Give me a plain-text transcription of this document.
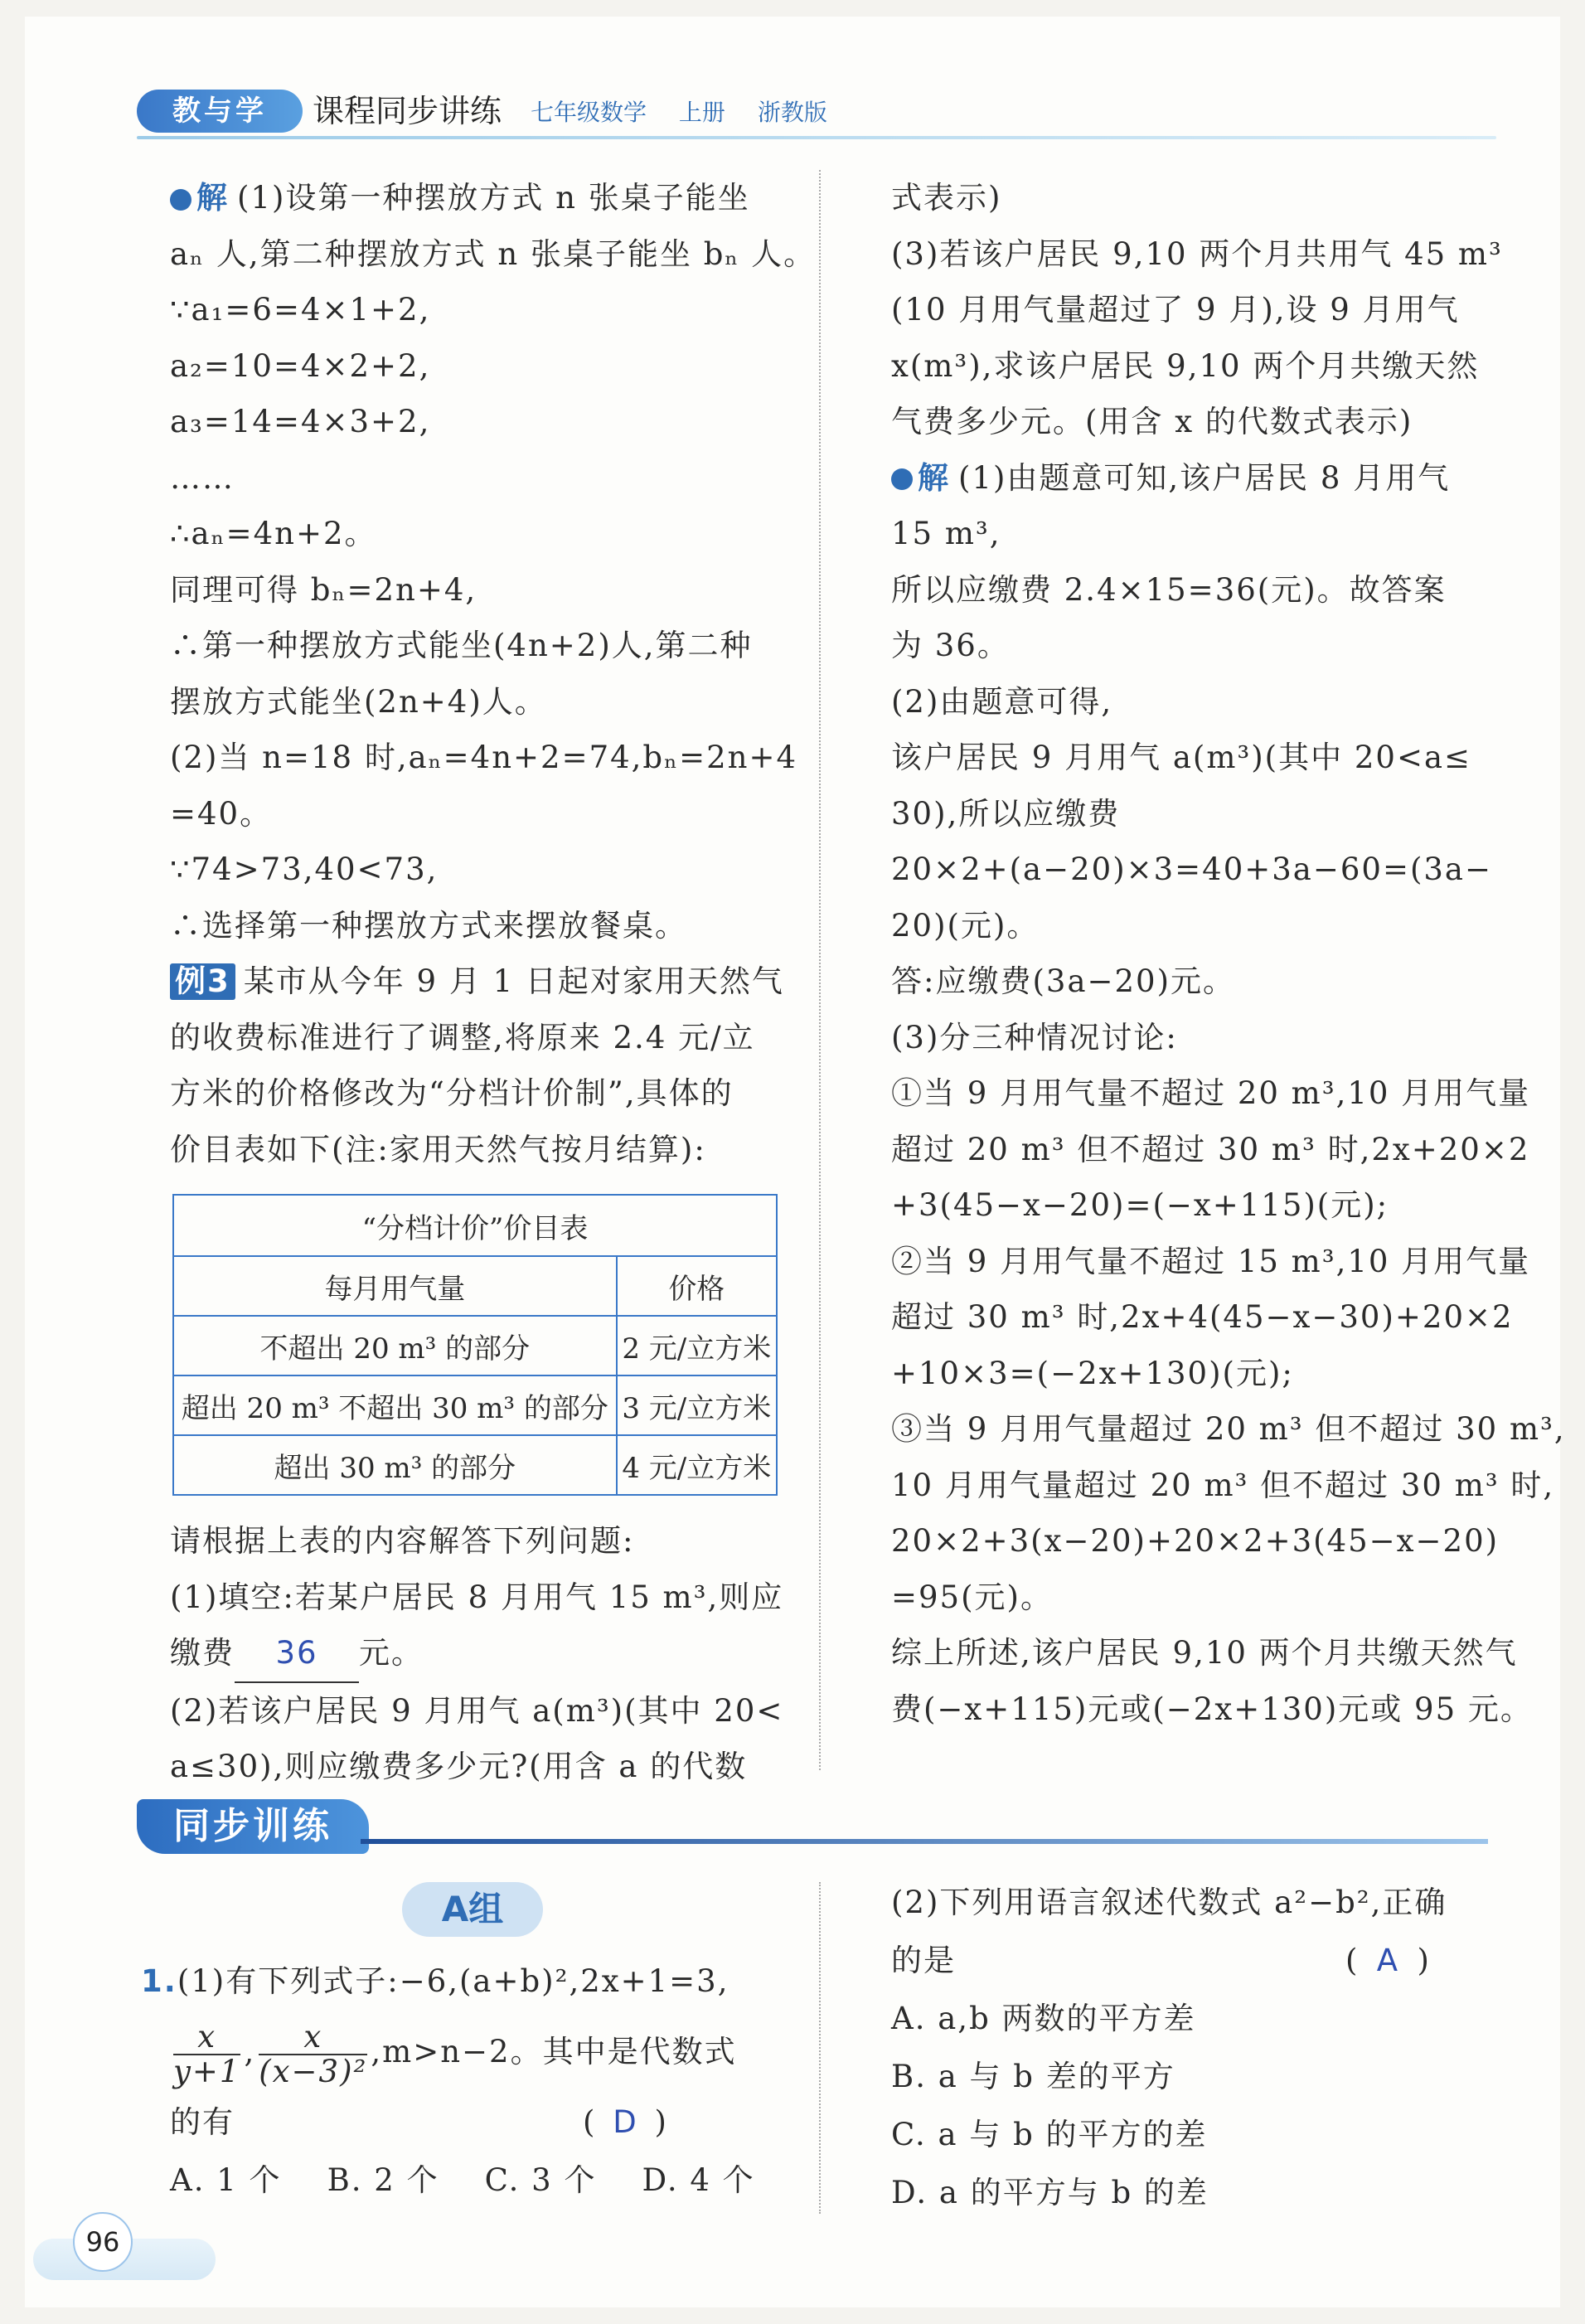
教与学	课程同步讲练 七年级数学 上册 浙教版

解 (1)设第一种摆放方式 n 张桌子能坐

aₙ 人,第二种摆放方式 n 张桌子能坐 bₙ 人。

∵a₁=6=4×1+2,

a₂=10=4×2+2,

a₃=14=4×3+2,

……

∴aₙ=4n+2。

同理可得 bₙ=2n+4,

∴第一种摆放方式能坐(4n+2)人,第二种

摆放方式能坐(2n+4)人。

(2)当 n=18 时,aₙ=4n+2=74,bₙ=2n+4

=40。

∵74>73,40<73,

∴选择第一种摆放方式来摆放餐桌。

例3 某市从今年 9 月 1 日起对家用天然气

的收费标准进行了调整,将原来 2.4 元/立

方米的价格修改为“分档计价制”,具体的

价目表如下(注:家用天然气按月结算):

“分档计价”价目表	
每月用气量	价格
不超出 20 m³ 的部分	2 元/立方米
超出 20 m³ 不超出 30 m³ 的部分	3 元/立方米
超出 30 m³ 的部分	4 元/立方米

请根据上表的内容解答下列问题:

(1)填空:若某户居民 8 月用气 15 m³,则应

缴费 36 元。

(2)若该户居民 9 月用气 a(m³)(其中 20<

a≤30),则应缴费多少元?(用含 a 的代数

式表示)

(3)若该户居民 9,10 两个月共用气 45 m³

(10 月用气量超过了 9 月),设 9 月用气

x(m³),求该户居民 9,10 两个月共缴天然

气费多少元。(用含 x 的代数式表示)

解 (1)由题意可知,该户居民 8 月用气

15 m³,

所以应缴费 2.4×15=36(元)。故答案

为 36。

(2)由题意可得,

该户居民 9 月用气 a(m³)(其中 20<a≤

30),所以应缴费

20×2+(a−20)×3=40+3a−60=(3a−

20)(元)。

答:应缴费(3a−20)元。

(3)分三种情况讨论:

①当 9 月用气量不超过 20 m³,10 月用气量

超过 20 m³ 但不超过 30 m³ 时,2x+20×2

+3(45−x−20)=(−x+115)(元);

②当 9 月用气量不超过 15 m³,10 月用气量

超过 30 m³ 时,2x+4(45−x−30)+20×2

+10×3=(−2x+130)(元);

③当 9 月用气量超过 20 m³ 但不超过 30 m³,

10 月用气量超过 20 m³ 但不超过 30 m³ 时,

20×2+3(x−20)+20×2+3(45−x−20)

=95(元)。

综上所述,该户居民 9,10 两个月共缴天然气

费(−x+115)元或(−2x+130)元或 95 元。

同步训练
A组

1.(1)有下列式子:−6,(a+b)²,2x+1=3,

$\frac{x}{y+1}$ , $\frac{x}{\text{(x−3)²}} ,m>n-2$。其中是代数式

的有	( D )

A. 1 个    B. 2 个    C. 3 个    D. 4 个

(2)下列用语言叙述代数式 a²−b²,正确

的是	( A )

A. a,b 两数的平方差

B. a 与 b 差的平方

C. a 与 b 的平方的差

D. a 的平方与 b 的差

96
